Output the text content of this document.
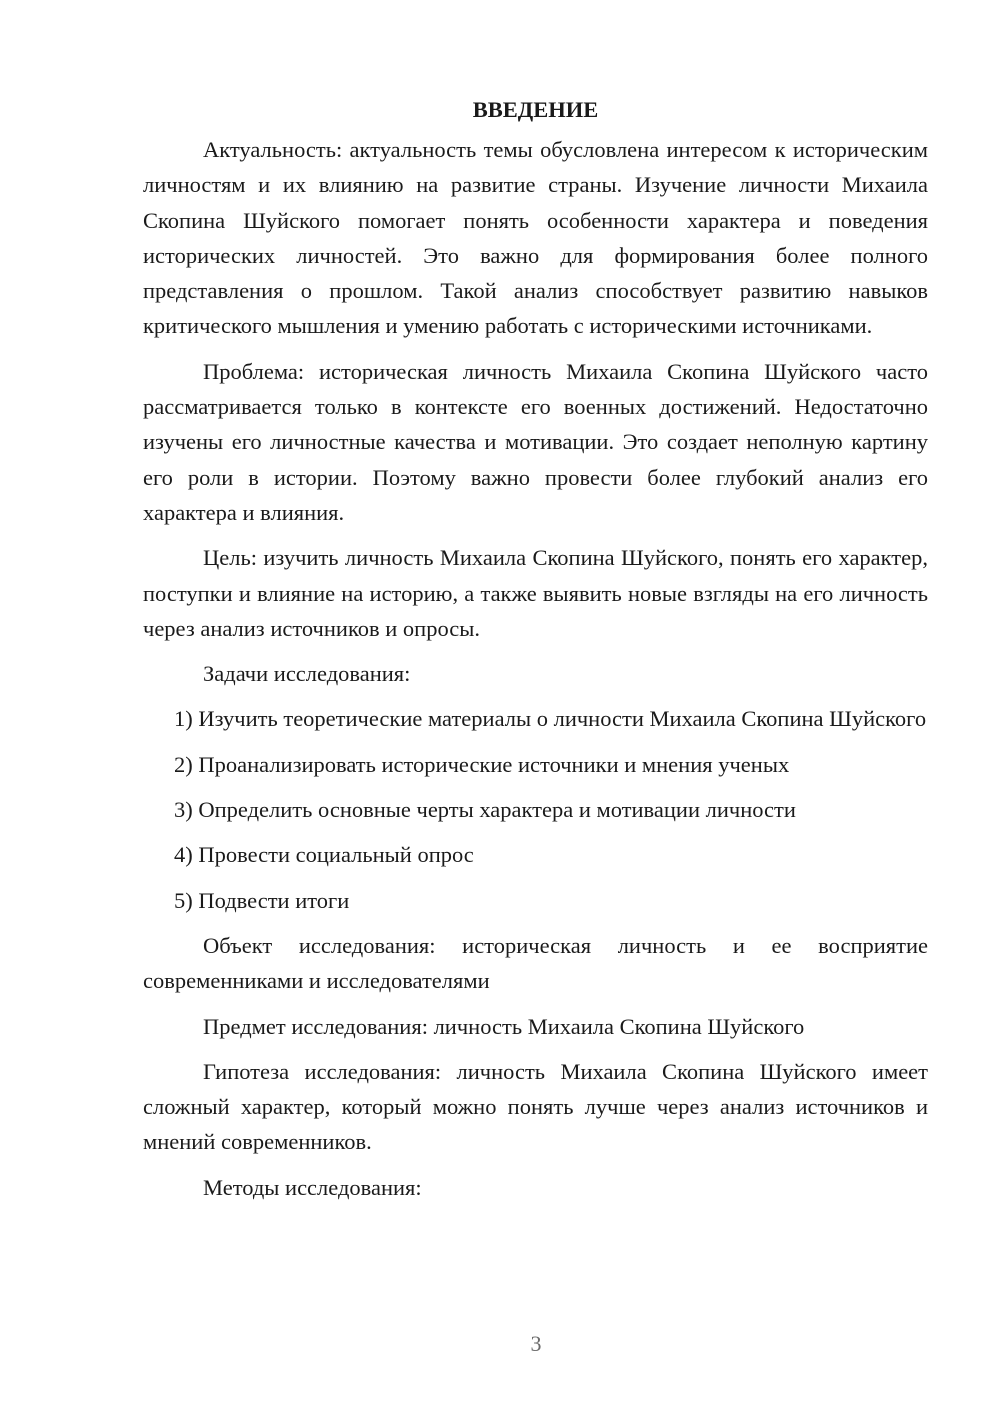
ВВЕДЕНИЕ

Актуальность: актуальность темы обусловлена интересом к историческим личностям и их влиянию на развитие страны. Изучение личности Михаила Скопина Шуйского помогает понять особенности характера и поведения исторических личностей. Это важно для формирования более полного представления о прошлом. Такой анализ способствует развитию навыков критического мышления и умению работать с историческими источниками.

Проблема: историческая личность Михаила Скопина Шуйского часто рассматривается только в контексте его военных достижений. Недостаточно изучены его личностные качества и мотивации. Это создает неполную картину его роли в истории. Поэтому важно провести более глубокий анализ его характера и влияния.

Цель: изучить личность Михаила Скопина Шуйского, понять его характер, поступки и влияние на историю, а также выявить новые взгляды на его личность через анализ источников и опросы.

Задачи исследования:

1) Изучить теоретические материалы о личности Михаила Скопина Шуйского

2) Проанализировать исторические источники и мнения ученых

3) Определить основные черты характера и мотивации личности

4) Провести социальный опрос

5) Подвести итоги

Объект исследования: историческая личность и ее восприятие современниками и исследователями

Предмет исследования: личность Михаила Скопина Шуйского

Гипотеза исследования: личность Михаила Скопина Шуйского имеет сложный характер, который можно понять лучше через анализ источников и мнений современников.

Методы исследования:

3
